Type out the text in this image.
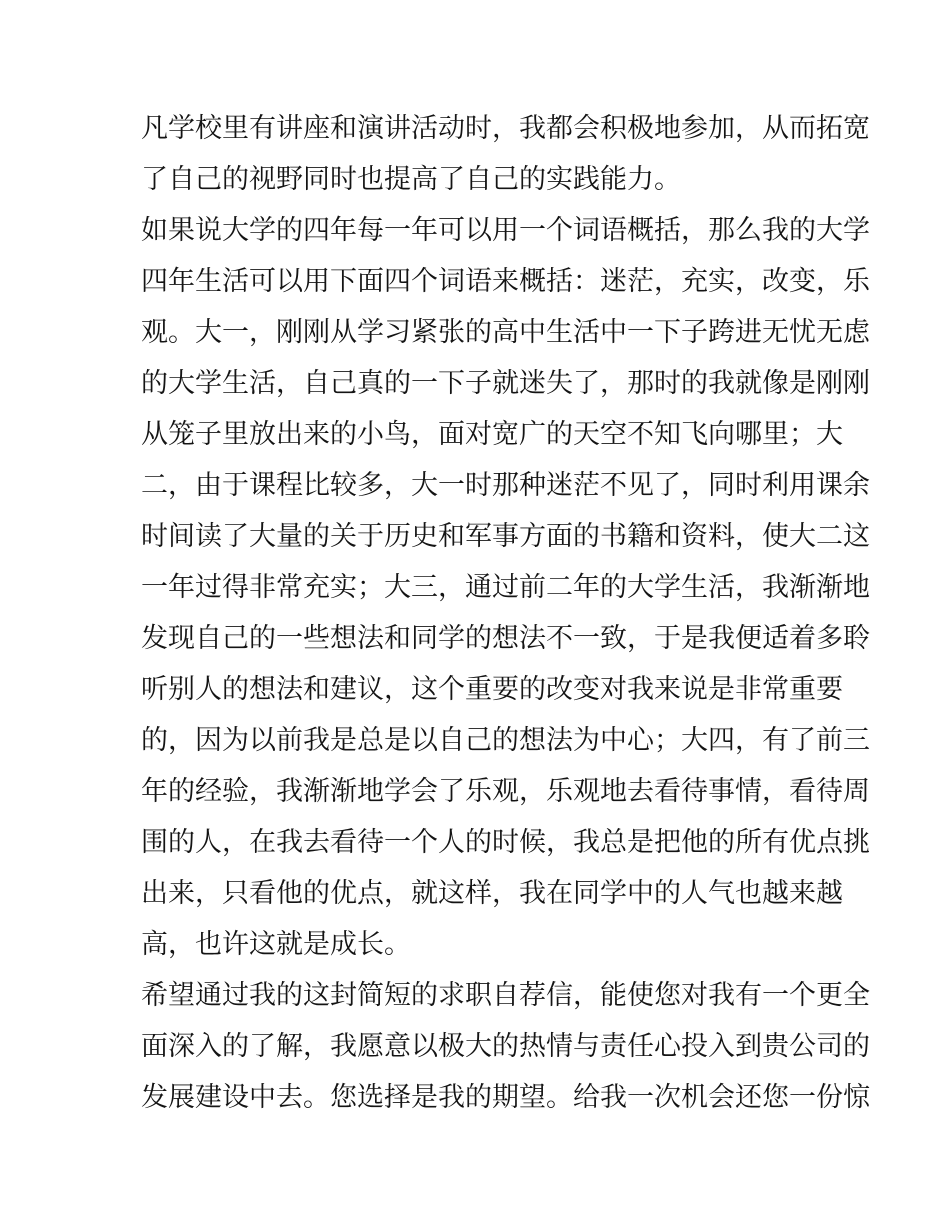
凡学校里有讲座和演讲活动时，我都会积极地参加，从而拓宽
了自己的视野同时也提高了自己的实践能力。
如果说大学的四年每一年可以用一个词语概括，那么我的大学
四年生活可以用下面四个词语来概括：迷茫，充实，改变，乐
观。大一，刚刚从学习紧张的高中生活中一下子跨进无忧无虑
的大学生活，自己真的一下子就迷失了，那时的我就像是刚刚
从笼子里放出来的小鸟，面对宽广的天空不知飞向哪里；大
二，由于课程比较多，大一时那种迷茫不见了，同时利用课余
时间读了大量的关于历史和军事方面的书籍和资料，使大二这
一年过得非常充实；大三，通过前二年的大学生活，我渐渐地
发现自己的一些想法和同学的想法不一致，于是我便适着多聆
听别人的想法和建议，这个重要的改变对我来说是非常重要
的，因为以前我是总是以自己的想法为中心；大四，有了前三
年的经验，我渐渐地学会了乐观，乐观地去看待事情，看待周
围的人，在我去看待一个人的时候，我总是把他的所有优点挑
出来，只看他的优点，就这样，我在同学中的人气也越来越
高，也许这就是成长。
希望通过我的这封简短的求职自荐信，能使您对我有一个更全
面深入的了解，我愿意以极大的热情与责任心投入到贵公司的
发展建设中去。您选择是我的期望。给我一次机会还您一份惊
